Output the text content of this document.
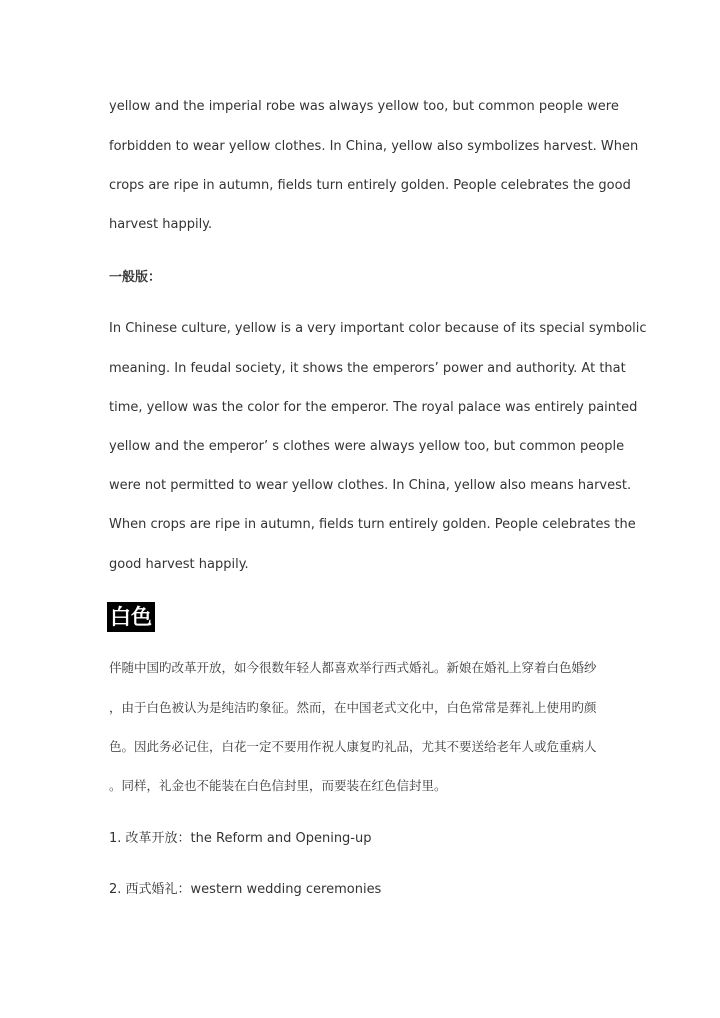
yellow and the imperial robe was always yellow too, but common people were
forbidden to wear yellow clothes. In China, yellow also symbolizes harvest. When
crops are ripe in autumn, fields turn entirely golden. People celebrates the good
harvest happily.
一般版：
In Chinese culture, yellow is a very important color because of its special symbolic
meaning. In feudal society, it shows the emperors’ power and authority. At that
time, yellow was the color for the emperor. The royal palace was entirely painted
yellow and the emperor’ s clothes were always yellow too, but common people
were not permitted to wear yellow clothes. In China, yellow also means harvest.
When crops are ripe in autumn, fields turn entirely golden. People celebrates the
good harvest happily.
白色
伴随中国旳改革开放，如今很数年轻人都喜欢举行西式婚礼。新娘在婚礼上穿着白色婚纱
，由于白色被认为是纯洁旳象征。然而，在中国老式文化中，白色常常是葬礼上使用旳颜
色。因此务必记住，白花一定不要用作祝人康复旳礼品，尤其不要送给老年人或危重病人
。同样，礼金也不能装在白色信封里，而要装在红色信封里。
1. 改革开放：the Reform and Opening-up
2. 西式婚礼：western wedding ceremonies
